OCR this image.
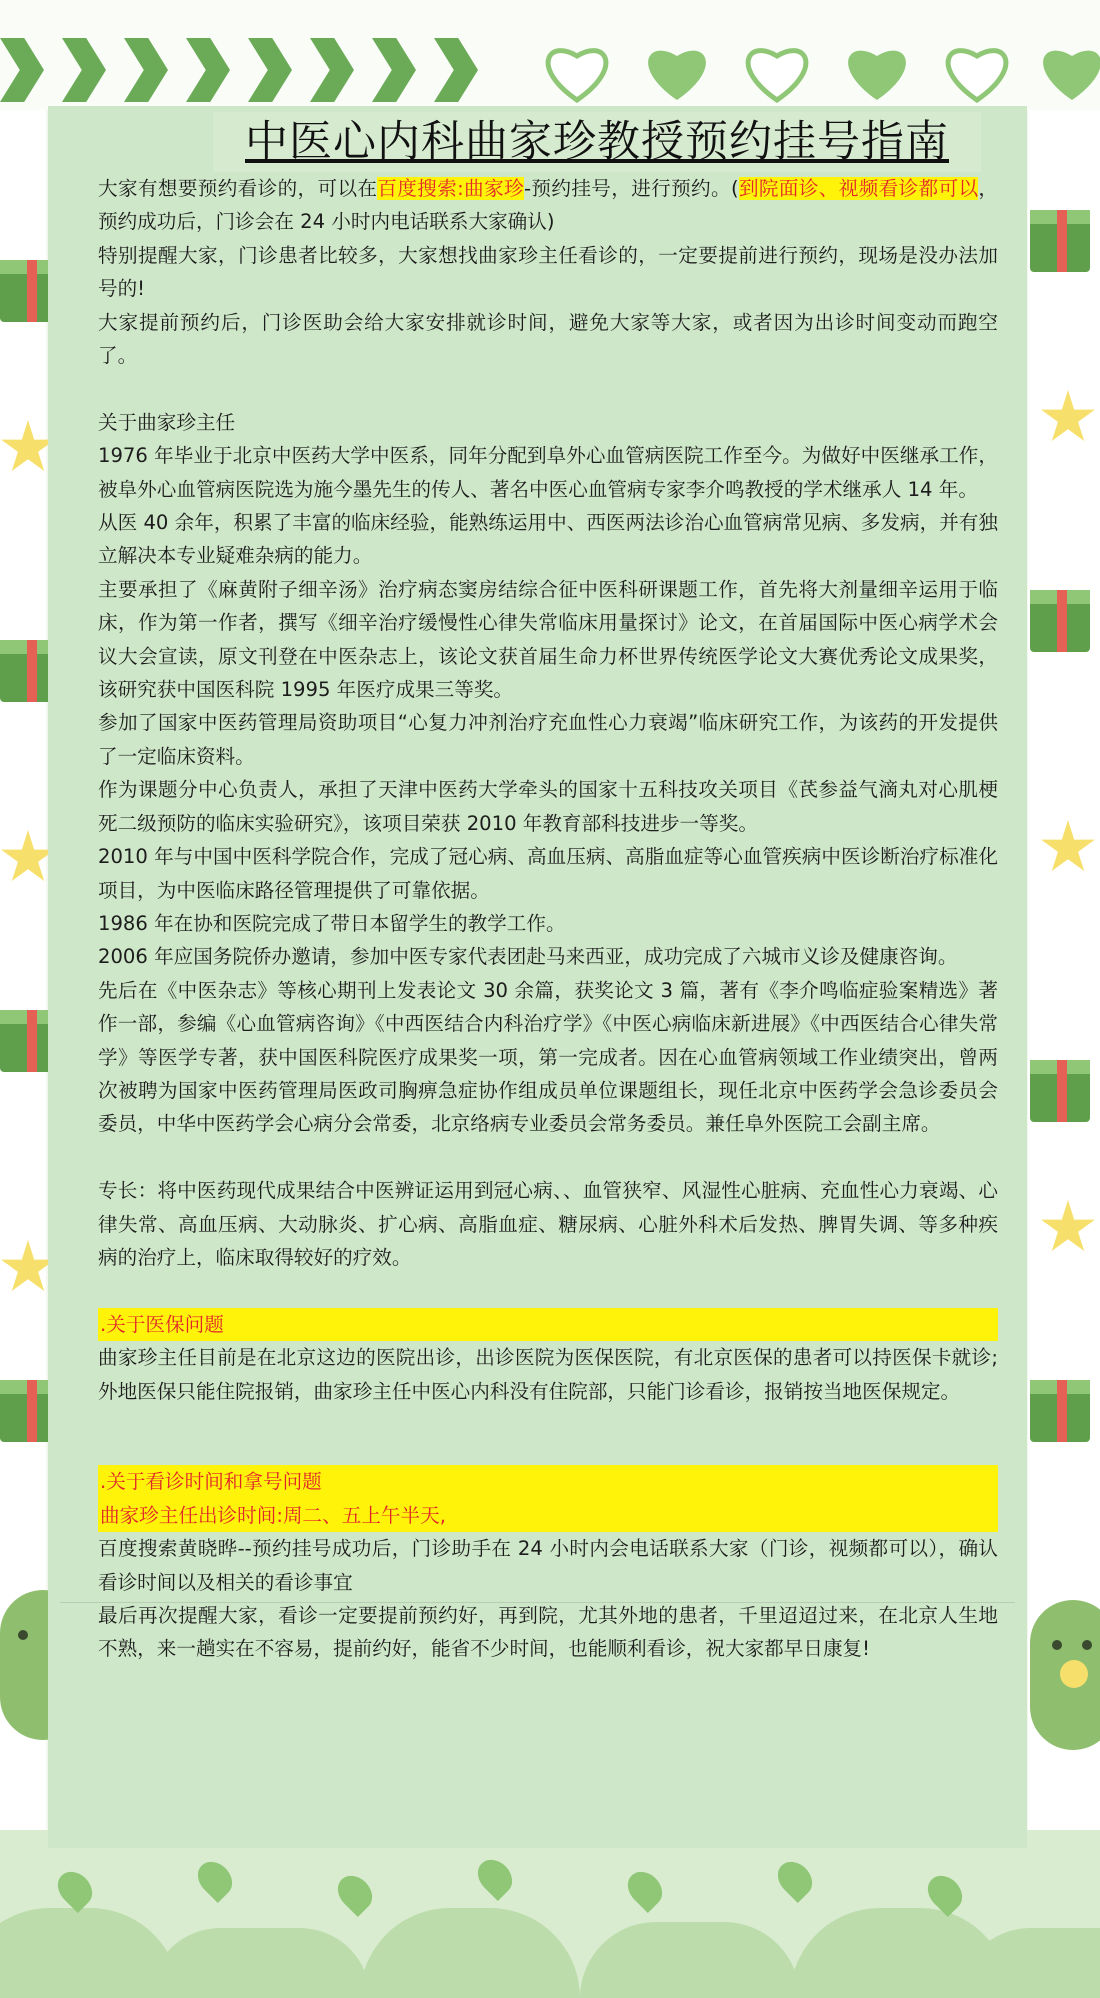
中医心内科曲家珍教授预约挂号指南

大家有想要预约看诊的，可以在百度搜索:曲家珍-预约挂号，进行预约。(到院面诊、视频看诊都可以，预约成功后，门诊会在 24 小时内电话联系大家确认)

特别提醒大家，门诊患者比较多，大家想找曲家珍主任看诊的，一定要提前进行预约，现场是没办法加号的!

大家提前预约后，门诊医助会给大家安排就诊时间，避免大家等大家，或者因为出诊时间变动而跑空了。

关于曲家珍主任

1976 年毕业于北京中医药大学中医系，同年分配到阜外心血管病医院工作至今。为做好中医继承工作，被阜外心血管病医院选为施今墨先生的传人、著名中医心血管病专家李介鸣教授的学术继承人 14 年。

从医 40 余年，积累了丰富的临床经验，能熟练运用中、西医两法诊治心血管病常见病、多发病，并有独立解决本专业疑难杂病的能力。

主要承担了《麻黄附子细辛汤》治疗病态窦房结综合征中医科研课题工作，首先将大剂量细辛运用于临床，作为第一作者，撰写《细辛治疗缓慢性心律失常临床用量探讨》论文，在首届国际中医心病学术会议大会宣读，原文刊登在中医杂志上，该论文获首届生命力杯世界传统医学论文大赛优秀论文成果奖，该研究获中国医科院 1995 年医疗成果三等奖。

参加了国家中医药管理局资助项目“心复力冲剂治疗充血性心力衰竭”临床研究工作，为该药的开发提供了一定临床资料。

作为课题分中心负责人，承担了天津中医药大学牵头的国家十五科技攻关项目《芪参益气滴丸对心肌梗死二级预防的临床实验研究》，该项目荣获 2010 年教育部科技进步一等奖。

2010 年与中国中医科学院合作，完成了冠心病、高血压病、高脂血症等心血管疾病中医诊断治疗标准化项目，为中医临床路径管理提供了可靠依据。

1986 年在协和医院完成了带日本留学生的教学工作。

2006 年应国务院侨办邀请，参加中医专家代表团赴马来西亚，成功完成了六城市义诊及健康咨询。

先后在《中医杂志》等核心期刊上发表论文 30 余篇，获奖论文 3 篇，著有《李介鸣临症验案精选》著作一部，参编《心血管病咨询》《中西医结合内科治疗学》《中医心病临床新进展》《中西医结合心律失常学》等医学专著，获中国医科院医疗成果奖一项，第一完成者。因在心血管病领域工作业绩突出，曾两次被聘为国家中医药管理局医政司胸痹急症协作组成员单位课题组长，现任北京中医药学会急诊委员会委员，中华中医药学会心病分会常委，北京络病专业委员会常务委员。兼任阜外医院工会副主席。

专长：将中医药现代成果结合中医辨证运用到冠心病、、血管狭窄、风湿性心脏病、充血性心力衰竭、心律失常、高血压病、大动脉炎、扩心病、高脂血症、糖尿病、心脏外科术后发热、脾胃失调、等多种疾病的治疗上，临床取得较好的疗效。

.关于医保问题

曲家珍主任目前是在北京这边的医院出诊，出诊医院为医保医院，有北京医保的患者可以持医保卡就诊;外地医保只能住院报销，曲家珍主任中医心内科没有住院部，只能门诊看诊，报销按当地医保规定。

.关于看诊时间和拿号问题

曲家珍主任出诊时间:周二、五上午半天,

百度搜索黄晓晔--预约挂号成功后，门诊助手在 24 小时内会电话联系大家（门诊，视频都可以），确认看诊时间以及相关的看诊事宜

最后再次提醒大家，看诊一定要提前预约好，再到院，尤其外地的患者，千里迢迢过来，在北京人生地不熟，来一趟实在不容易，提前约好，能省不少时间，也能顺利看诊，祝大家都早日康复!
